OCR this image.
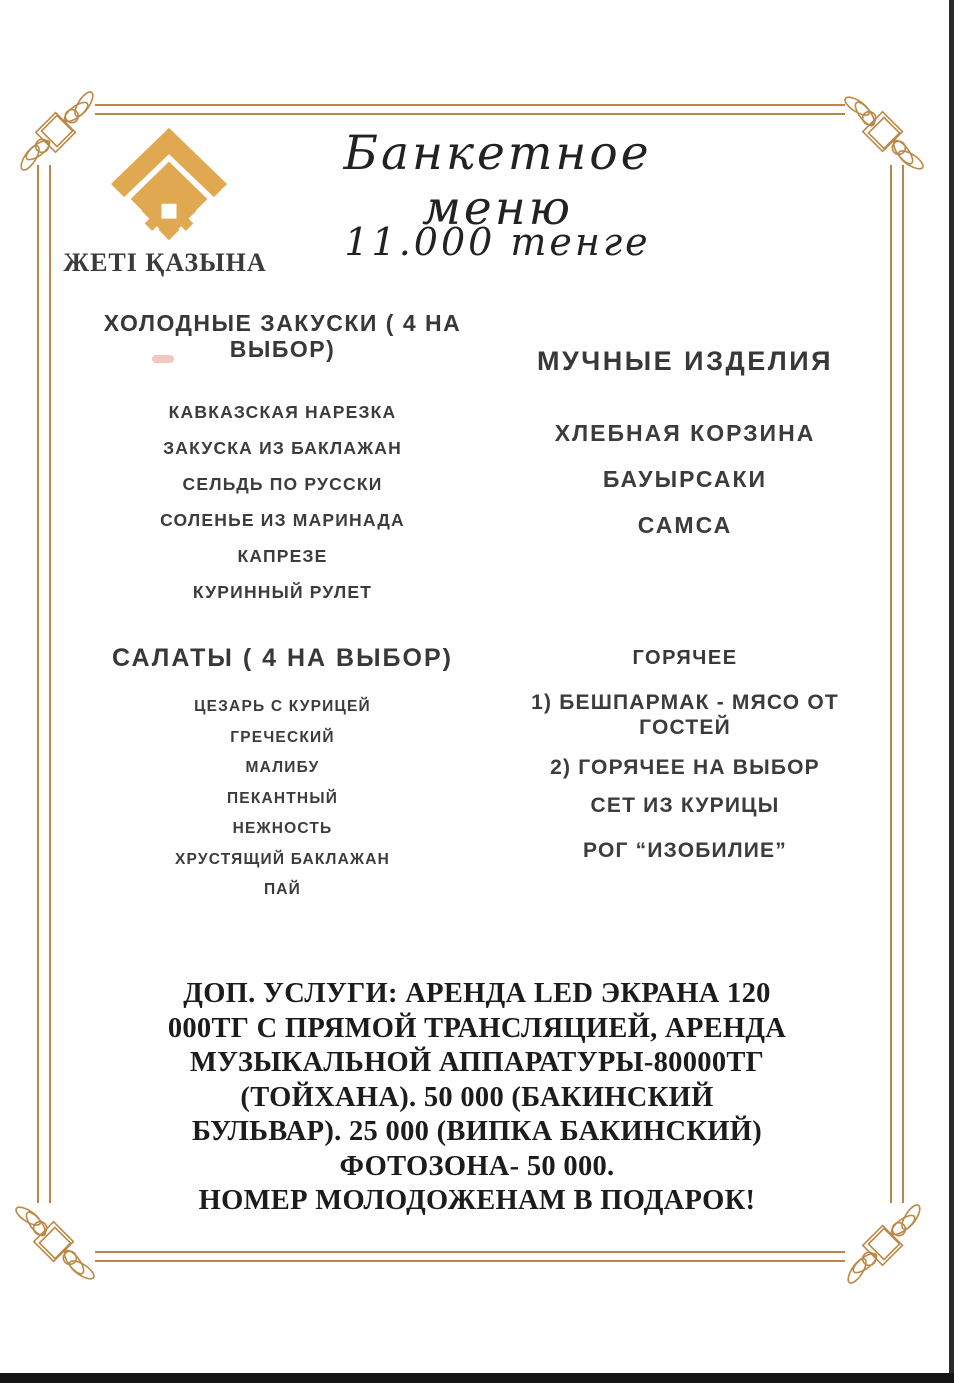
ЖЕТІ ҚАЗЫНА
Банкетное меню
11.000 тенге
ХОЛОДНЫЕ ЗАКУСКИ ( 4 НА ВЫБОР)
КАВКАЗСКАЯ НАРЕЗКА
ЗАКУСКА ИЗ БАКЛАЖАН
СЕЛЬДЬ ПО РУССКИ
СОЛЕНЬЕ ИЗ МАРИНАДА
КАПРЕЗЕ
КУРИННЫЙ РУЛЕТ
САЛАТЫ ( 4 НА ВЫБОР)
ЦЕЗАРЬ С КУРИЦЕЙ
ГРЕЧЕСКИЙ
МАЛИБУ
ПЕКАНТНЫЙ
НЕЖНОСТЬ
ХРУСТЯЩИЙ БАКЛАЖАН
ПАЙ
МУЧНЫЕ ИЗДЕЛИЯ
ХЛЕБНАЯ КОРЗИНА
БАУЫРСАКИ
САМСА
ГОРЯЧЕЕ
1) БЕШПАРМАК - МЯСО ОТ ГОСТЕЙ
2) ГОРЯЧЕЕ НА ВЫБОР
СЕТ ИЗ КУРИЦЫ
РОГ “ИЗОБИЛИЕ”
ДОП. УСЛУГИ: АРЕНДА LED ЭКРАНА 120
000ТГ С ПРЯМОЙ ТРАНСЛЯЦИЕЙ, АРЕНДА
МУЗЫКАЛЬНОЙ АППАРАТУРЫ-80000ТГ
(ТОЙХАНА). 50 000 (БАКИНСКИЙ
БУЛЬВАР). 25 000 (ВИПКА БАКИНСКИЙ)
ФОТОЗОНА- 50 000.
НОМЕР МОЛОДОЖЕНАМ В ПОДАРОК!
